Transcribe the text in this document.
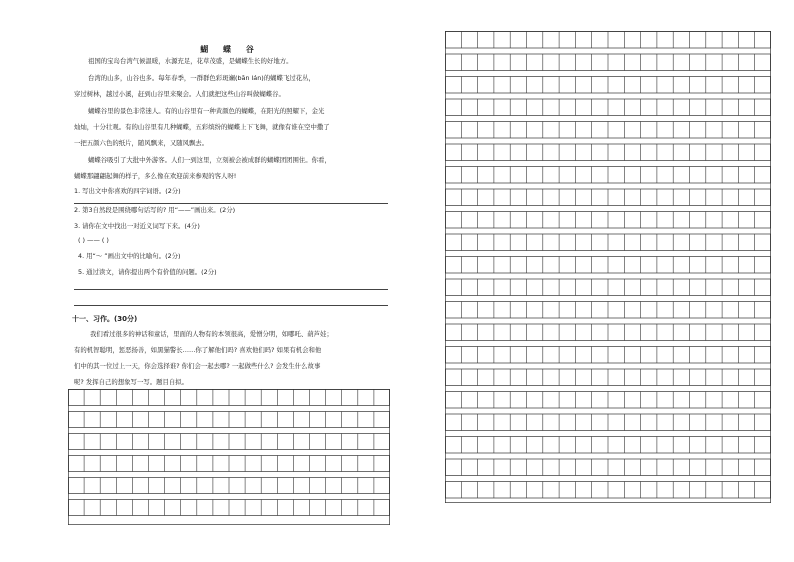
蝴 蝶 谷
祖国的宝岛台湾气候温暖，水源充足，花草茂盛，是蝴蝶生长的好地方。
台湾的山多，山谷也多。每年春季，一群群色彩斑斓(bān lán)的蝴蝶飞过花丛，
穿过树林，越过小溪，赶到山谷里来聚会。人们就把这些山谷叫做蝴蝶谷。
蝴蝶谷里的景色非常迷人。有的山谷里有一种黄颜色的蝴蝶，在阳光的照耀下，金光
灿灿，十分壮观。有的山谷里有几种蝴蝶，五彩缤纷的蝴蝶上下飞舞，就像有谁在空中撒了
一把五颜六色的纸片，随风飘来，又随风飘去。
蝴蝶谷吸引了大批中外游客。人们一到这里，立刻被会被成群的蝴蝶团团围住。你看，
蝴蝶那翩翩起舞的样子，多么像在欢迎前来参观的客人呀!
1. 写出文中你喜欢的四字词语。(2分)
2. 第3自然段是围绕哪句话写的? 用“——”画出来。(2分)
3. 请你在文中找出一对近义词写下来。(4分)
( ) —— ( )
4. 用“～ ”画出文中的比喻句。(2分)
5. 通过读文，请你提出两个有价值的问题。(2分)
十一、习作。(30分)
我们看过很多的神话和童话，里面的人物有的本领很高，爱憎分明，如哪吒、葫芦娃；
有的机智聪明，惩恶扬善，如黑猫警长……你了解他们吗? 喜欢他们吗? 如果有机会和他
们中的其一位过上一天，你会选择谁? 你们会一起去哪? 一起做些什么? 会发生什么故事
呢? 发挥自己的想象写一写。题目自拟。
